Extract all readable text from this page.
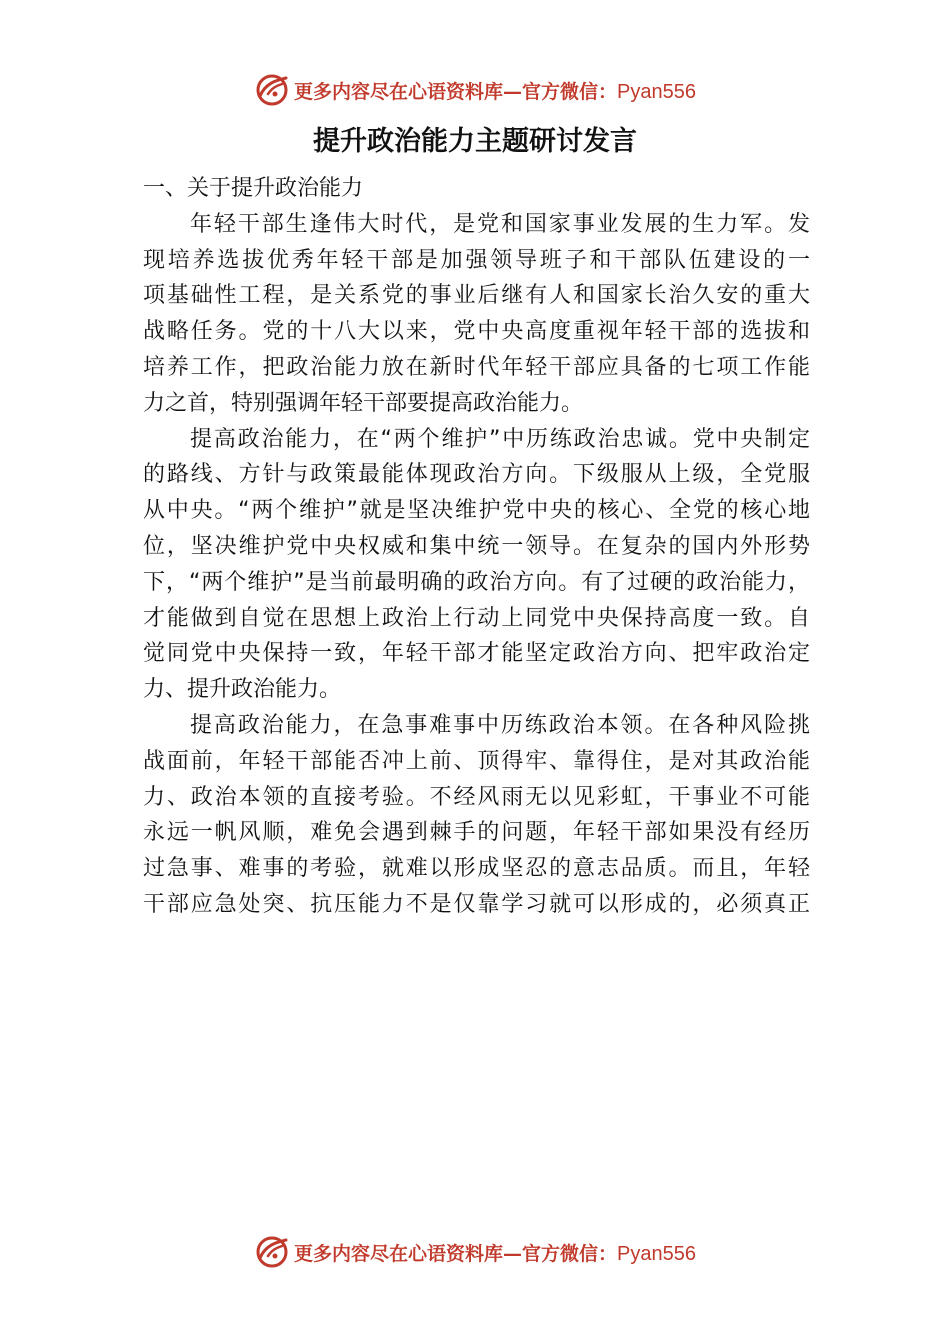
更多内容尽在心语资料库—官方微信：Pyan556
提升政治能力主题研讨发言
一、关于提升政治能力
年轻干部生逢伟大时代，是党和国家事业发展的生力军。发
现培养选拔优秀年轻干部是加强领导班子和干部队伍建设的一
项基础性工程，是关系党的事业后继有人和国家长治久安的重大
战略任务。党的十八大以来，党中央高度重视年轻干部的选拔和
培养工作，把政治能力放在新时代年轻干部应具备的七项工作能
力之首，特别强调年轻干部要提高政治能力。
提高政治能力，在“两个维护”中历练政治忠诚。党中央制定
的路线、方针与政策最能体现政治方向。下级服从上级，全党服
从中央。“两个维护”就是坚决维护党中央的核心、全党的核心地
位，坚决维护党中央权威和集中统一领导。在复杂的国内外形势
下，“两个维护”是当前最明确的政治方向。有了过硬的政治能力，
才能做到自觉在思想上政治上行动上同党中央保持高度一致。自
觉同党中央保持一致，年轻干部才能坚定政治方向、把牢政治定
力、提升政治能力。
提高政治能力，在急事难事中历练政治本领。在各种风险挑
战面前，年轻干部能否冲上前、顶得牢、靠得住，是对其政治能
力、政治本领的直接考验。不经风雨无以见彩虹，干事业不可能
永远一帆风顺，难免会遇到棘手的问题，年轻干部如果没有经历
过急事、难事的考验，就难以形成坚忍的意志品质。而且，年轻
干部应急处突、抗压能力不是仅靠学习就可以形成的，必须真正
更多内容尽在心语资料库—官方微信：Pyan556
